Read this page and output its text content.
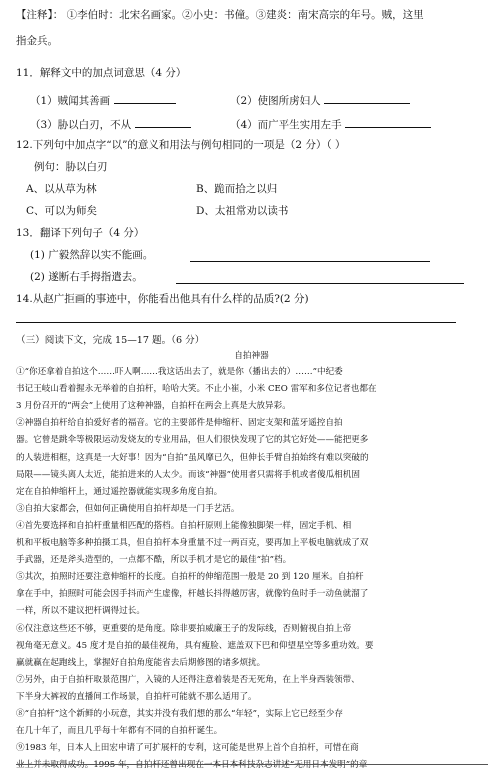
【注释】： ①李伯时：北宋名画家。②小史：书僮。③建炎：南宋高宗的年号。贼，这里
指金兵。
11．解释文中的加点词意思（4 分）
（1）贼闻其善画	（2）使图所虏妇人
（3）胁以白刃，不从	（4）而广平生实用左手
12.下列句中加点字“以”的意义和用法与例句相同的一项是（2 分）（ ）
例句：胁以白刃
A、以从草为林	B、跪而拾之以归
C、可以为师矣	D、太祖常劝以读书
13．翻译下列句子（4 分）
(1) 广毅然辞以实不能画。
(2) 遂断右手拇指遣去。
14.从赵广拒画的事迹中，你能看出他具有什么样的品质?(2 分)
（三）阅读下文，完成 15—17 题。（6 分）
自拍神器
①“你还拿着自拍这个……吓人啊……我这话出去了，就是你（播出去的）……”中纪委
书记王岐山看着握永无举着的自拍杆，哈哈大笑。不止小崔，小米 CEO 雷军和多位记者也都在
3 月份召开的“两会”上使用了这种神器，自拍杆在两会上真是大放异彩。
②神器自拍杆给自拍爱好者的福音。它的主要部件是伸缩杆、固定支架和蓝牙遥控自拍
器。它曾是跳伞等极限运动发烧友的专业用品，但人们很快发现了它的其它好处——能把更多
的人装进相框，这真是一大好事！因为“自拍”虽风靡已久，但伸长手臂自拍始终有难以突破的
局限——镜头离人太近，能拍进来的人太少。而该“神器”使用者只需将手机或者傻瓜相机固
定在自拍伸缩杆上，通过遥控器就能实现多角度自拍。
③自拍大家都会，但如何正确使用自拍杆却是一门手艺活。
④首先要选择和自拍杆重量相匹配的搭档。自拍杆原则上能像独脚架一样，固定手机、相
机和平板电脑等多种拍摄工具，但自拍杆本身重量不过一两百克，要再加上平板电脑就成了双
手武器，还是斧头造型的，一点都不酷，所以手机才是它的最佳“拍”档。
⑤其次，拍照时还要注意伸缩杆的长度。自拍杆的伸缩范围一般是 20 到 120 厘米。自拍杆
拿在手中，拍照时可能会因手抖而产生虚像，杆越长抖得越厉害，就像钓鱼时手一动鱼就溜了
一样，所以不建议把杆调得过长。
⑥仅注意这些还不够，更重要的是角度。除非要拍威廉王子的发际线，否则俯视自拍上帝
视角毫无意义。45 度才是自拍的最佳视角，具有瘦脸、遮盖双下巴和仰望星空等多重功效。要
赢就赢在起跑线上，掌握好自拍角度能省去后期修图的诸多烦扰。
⑦另外，由于自拍杆取景范围广，入镜的人还得注意着装是否无死角，在上半身西装领带、
下半身大裤衩的直播间工作场景，自拍杆可能就不那么适用了。
⑧“自拍杆”这个新鲜的小玩意，其实并没有我们想的那么“年轻”，实际上它已经至少存
在几十年了，而且几乎每十年都有不同的自拍杆诞生。
⑨1983 年，日本人上田宏申请了可扩展杆的专利，这可能是世界上首个自拍杆，可惜在商
业上并未取得成功。1995 年，自拍杆还曾出现在一本日本科技杂志讲述“无用日本发明”的章
